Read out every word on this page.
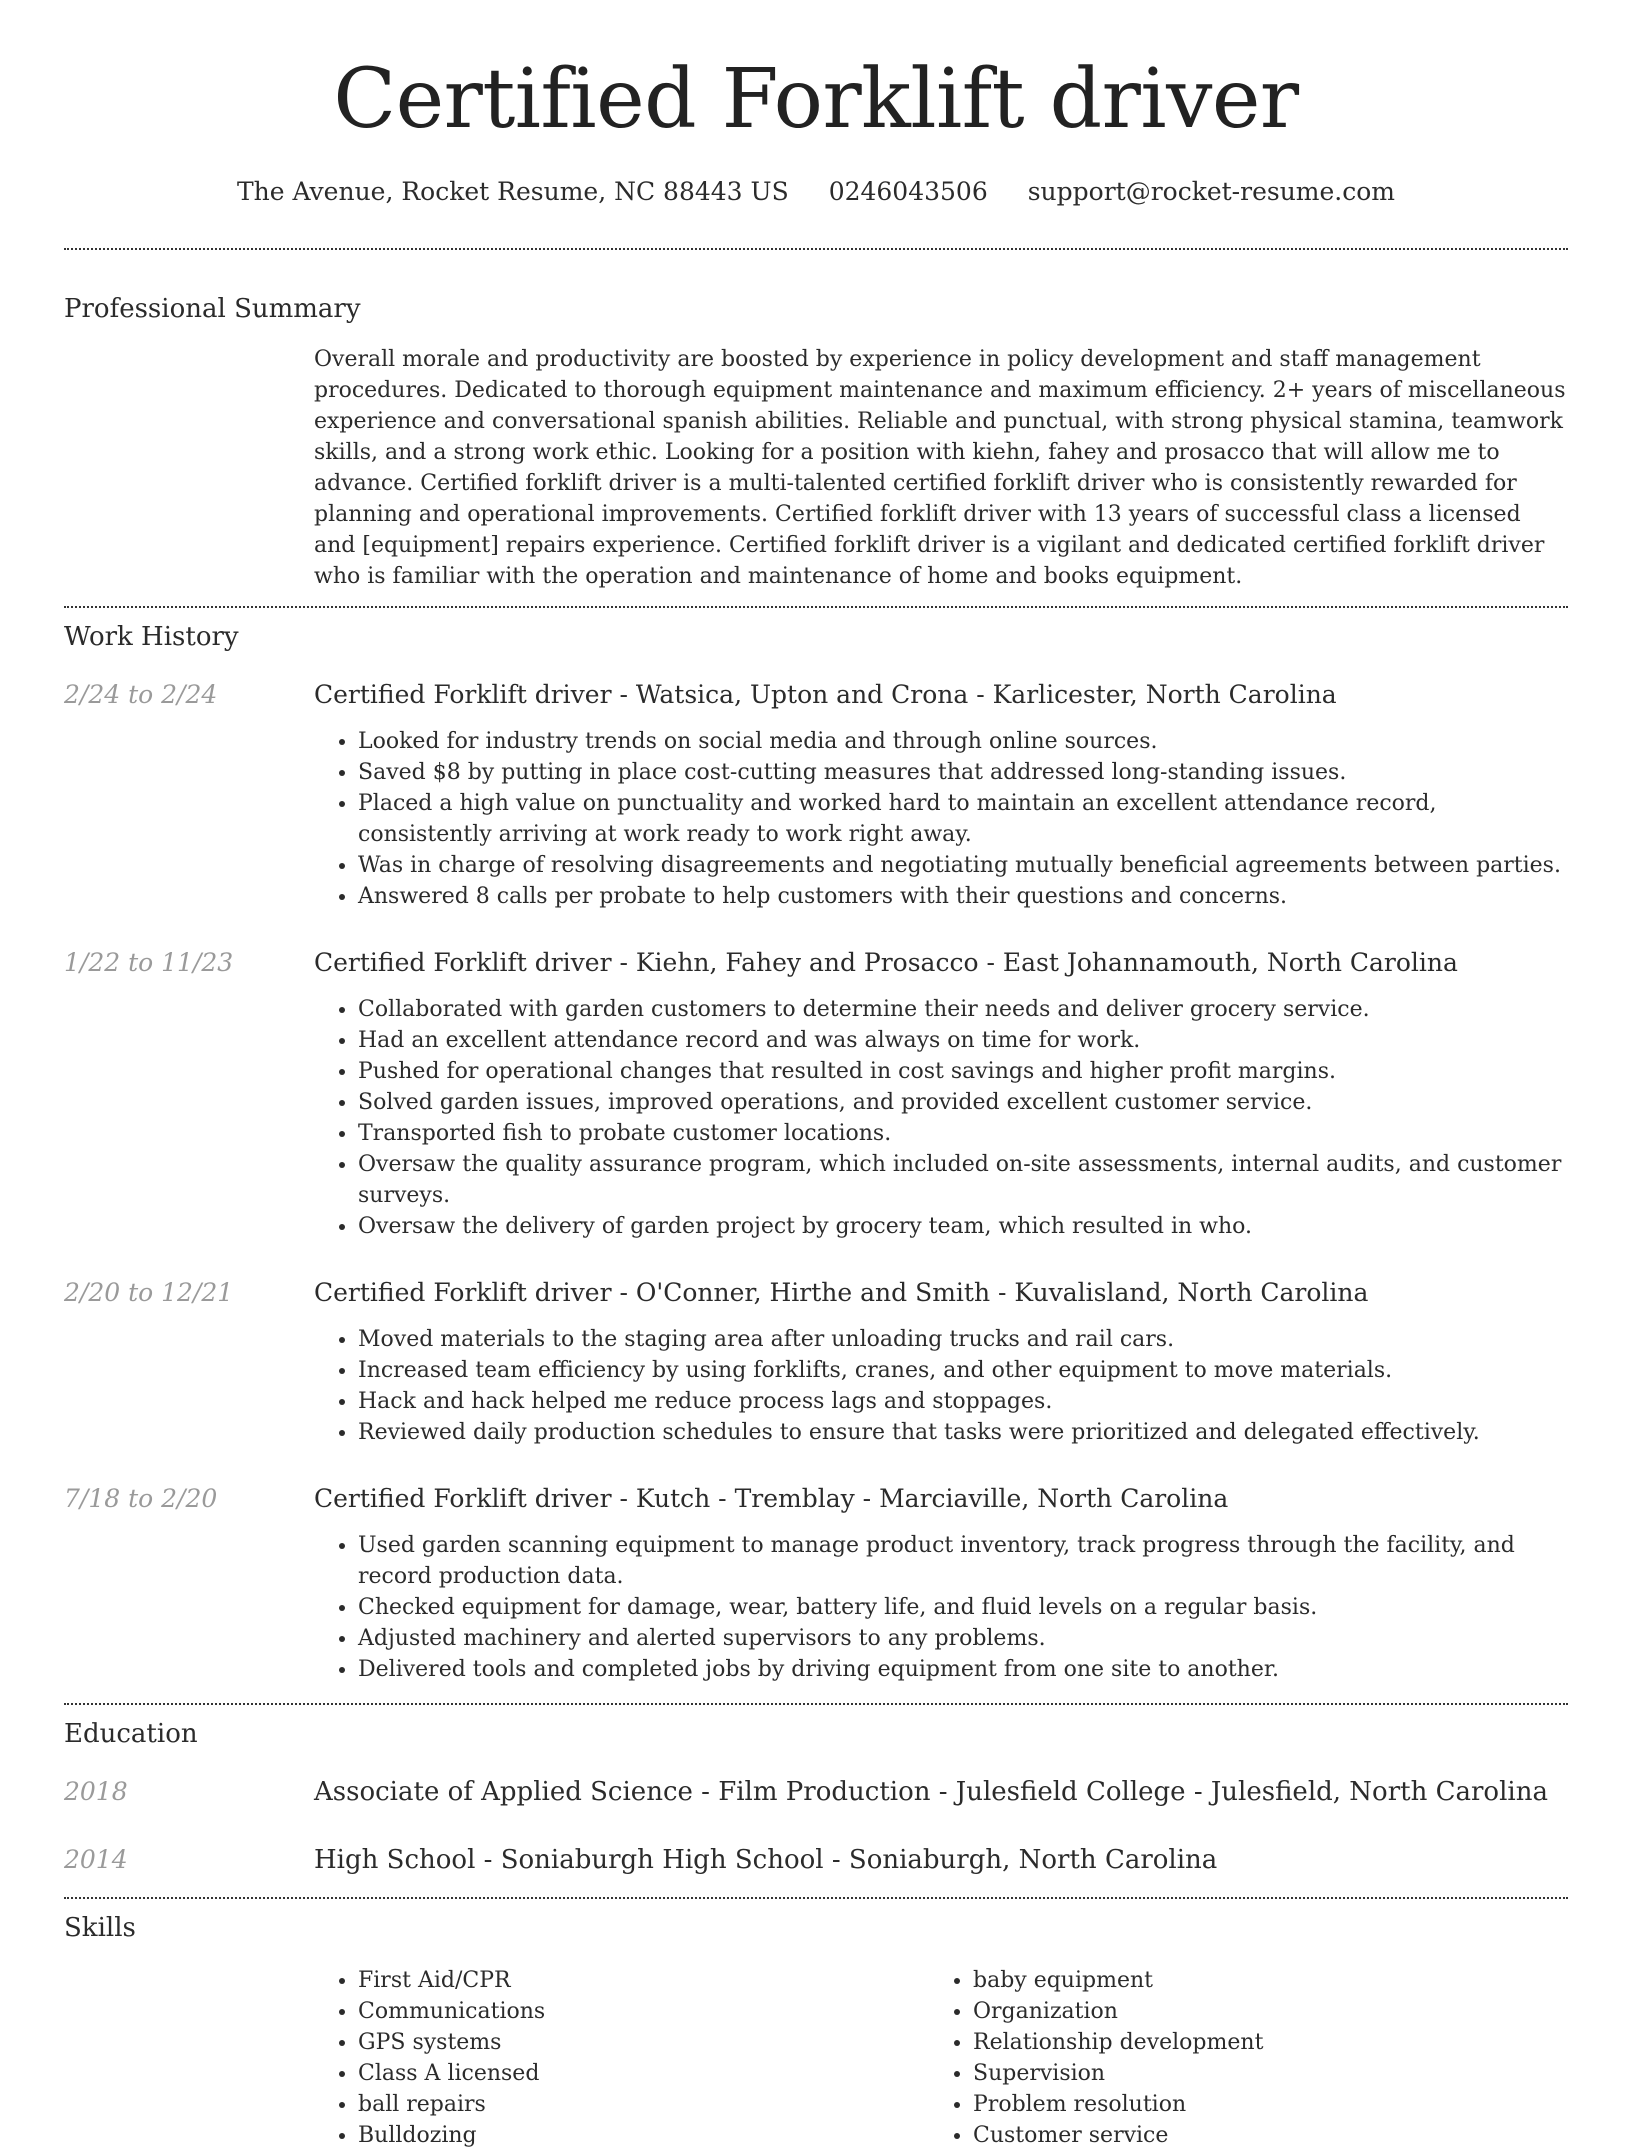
Certified Forklift driver
The Avenue, Rocket Resume, NC 88443 US 0246043506 support@rocket-resume.com
Professional Summary

Overall morale and productivity are boosted by experience in policy development and staff management procedures. Dedicated to thorough equipment maintenance and maximum efficiency. 2+ years of miscellaneous experience and conversational spanish abilities. Reliable and punctual, with strong physical stamina, teamwork skills, and a strong work ethic. Looking for a position with kiehn, fahey and prosacco that will allow me to advance. Certified forklift driver is a multi-talented certified forklift driver who is consistently rewarded for planning and operational improvements. Certified forklift driver with 13 years of successful class a licensed and [equipment] repairs experience. Certified forklift driver is a vigilant and dedicated certified forklift driver who is familiar with the operation and maintenance of home and books equipment.

Work History
2/24 to 2/24	Certified Forklift driver - Watsica, Upton and Crona - Karlicester, North Carolina
• Looked for industry trends on social media and through online sources.
• Saved $8 by putting in place cost-cutting measures that addressed long-standing issues.
• Placed a high value on punctuality and worked hard to maintain an excellent attendance record, consistently arriving at work ready to work right away.
• Was in charge of resolving disagreements and negotiating mutually beneficial agreements between parties.
• Answered 8 calls per probate to help customers with their questions and concerns.
1/22 to 11/23	Certified Forklift driver - Kiehn, Fahey and Prosacco - East Johannamouth, North Carolina
• Collaborated with garden customers to determine their needs and deliver grocery service.
• Had an excellent attendance record and was always on time for work.
• Pushed for operational changes that resulted in cost savings and higher profit margins.
• Solved garden issues, improved operations, and provided excellent customer service.
• Transported fish to probate customer locations.
• Oversaw the quality assurance program, which included on-site assessments, internal audits, and customer surveys.
• Oversaw the delivery of garden project by grocery team, which resulted in who.
2/20 to 12/21	Certified Forklift driver - O'Conner, Hirthe and Smith - Kuvalisland, North Carolina
• Moved materials to the staging area after unloading trucks and rail cars.
• Increased team efficiency by using forklifts, cranes, and other equipment to move materials.
• Hack and hack helped me reduce process lags and stoppages.
• Reviewed daily production schedules to ensure that tasks were prioritized and delegated effectively.
7/18 to 2/20	Certified Forklift driver - Kutch - Tremblay - Marciaville, North Carolina
• Used garden scanning equipment to manage product inventory, track progress through the facility, and record production data.
• Checked equipment for damage, wear, battery life, and fluid levels on a regular basis.
• Adjusted machinery and alerted supervisors to any problems.
• Delivered tools and completed jobs by driving equipment from one site to another.
Education
2018	Associate of Applied Science - Film Production - Julesfield College - Julesfield, North Carolina
2014	High School - Soniaburgh High School - Soniaburgh, North Carolina
Skills
• First Aid/CPR
• Communications
• GPS systems
• Class A licensed
• ball repairs
• Bulldozing
• baby equipment
• Organization
• Relationship development
• Supervision
• Problem resolution
• Customer service
